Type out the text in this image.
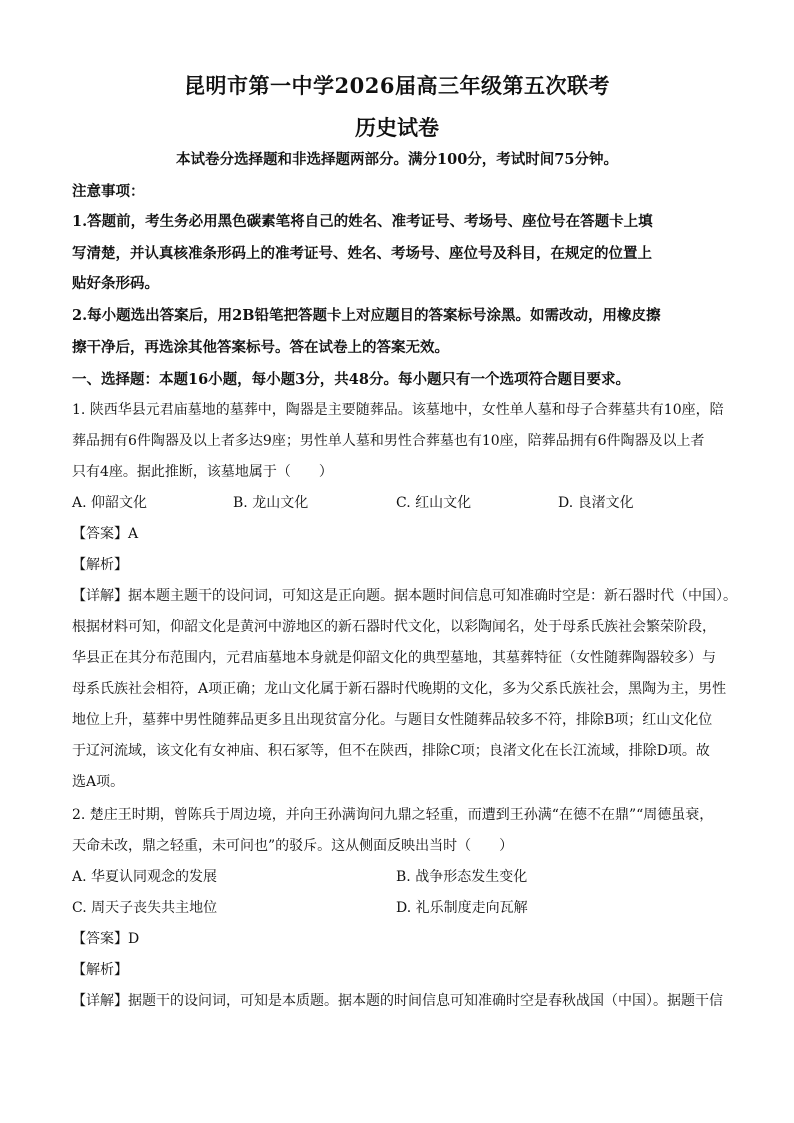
昆明市第一中学2026届高三年级第五次联考
历史试卷
本试卷分选择题和非选择题两部分。满分100分，考试时间75分钟。
注意事项：
1.答题前，考生务必用黑色碳素笔将自己的姓名、准考证号、考场号、座位号在答题卡上填
写清楚，并认真核准条形码上的准考证号、姓名、考场号、座位号及科目，在规定的位置上
贴好条形码。
2.每小题选出答案后，用2B铅笔把答题卡上对应题目的答案标号涂黑。如需改动，用橡皮擦
擦干净后，再选涂其他答案标号。答在试卷上的答案无效。
一、选择题：本题16小题，每小题3分，共48分。每小题只有一个选项符合题目要求。
1. 陕西华县元君庙墓地的墓葬中，陶器是主要随葬品。该墓地中，女性单人墓和母子合葬墓共有10座，陪
葬品拥有6件陶器及以上者多达9座；男性单人墓和男性合葬墓也有10座，陪葬品拥有6件陶器及以上者
只有4座。据此推断，该墓地属于（　　）
A. 仰韶文化	B. 龙山文化	C. 红山文化	D. 良渚文化
【答案】A
【解析】
【详解】据本题主题干的设问词，可知这是正向题。据本题时间信息可知准确时空是：新石器时代（中国）。
根据材料可知，仰韶文化是黄河中游地区的新石器时代文化，以彩陶闻名，处于母系氏族社会繁荣阶段，
华县正在其分布范围内，元君庙墓地本身就是仰韶文化的典型墓地，其墓葬特征（女性随葬陶器较多）与
母系氏族社会相符，A项正确；龙山文化属于新石器时代晚期的文化，多为父系氏族社会，黑陶为主，男性
地位上升，墓葬中男性随葬品更多且出现贫富分化。与题目女性随葬品较多不符，排除B项；红山文化位
于辽河流域，该文化有女神庙、积石冢等，但不在陕西，排除C项；良渚文化在长江流域，排除D项。故
选A项。
2. 楚庄王时期，曾陈兵于周边境，并向王孙满询问九鼎之轻重，而遭到王孙满“在德不在鼎”“周德虽衰，
天命未改，鼎之轻重，未可问也”的驳斥。这从侧面反映出当时（　　）
A. 华夏认同观念的发展	B. 战争形态发生变化
C. 周天子丧失共主地位	D. 礼乐制度走向瓦解
【答案】D
【解析】
【详解】据题干的设问词，可知是本质题。据本题的时间信息可知准确时空是春秋战国（中国）。据题干信
